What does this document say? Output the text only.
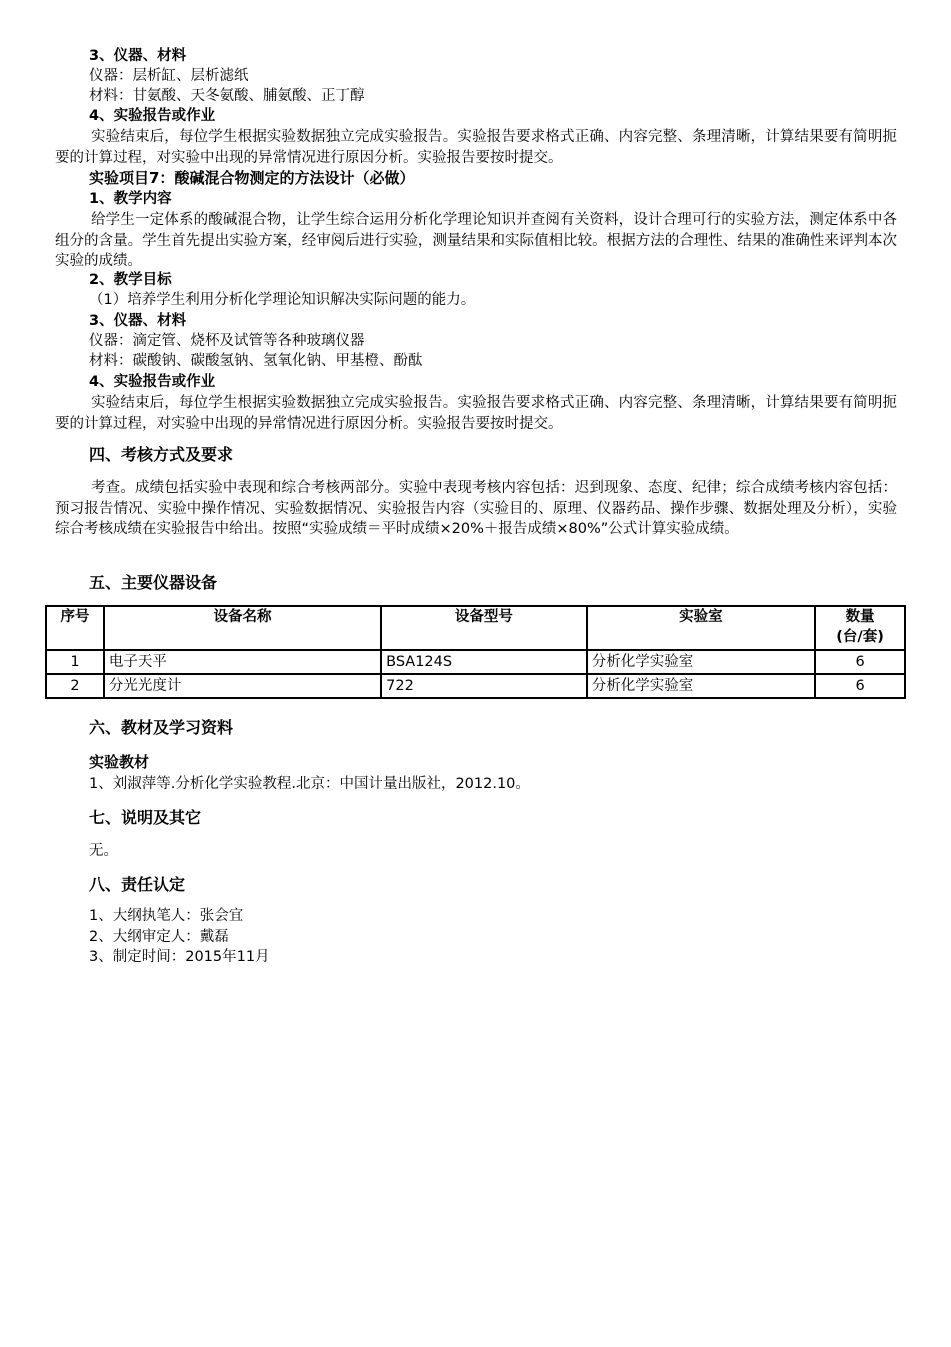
3、仪器、材料
仪器：层析缸、层析滤纸
材料：甘氨酸、天冬氨酸、脯氨酸、正丁醇
4、实验报告或作业
实验结束后，每位学生根据实验数据独立完成实验报告。实验报告要求格式正确、内容完整、条理清晰，计算结果要有简明扼要的计算过程，对实验中出现的异常情况进行原因分析。实验报告要按时提交。
实验项目7：酸碱混合物测定的方法设计（必做）
1、教学内容
给学生一定体系的酸碱混合物，让学生综合运用分析化学理论知识并查阅有关资料，设计合理可行的实验方法，测定体系中各组分的含量。学生首先提出实验方案，经审阅后进行实验，测量结果和实际值相比较。根据方法的合理性、结果的准确性来评判本次实验的成绩。
2、教学目标
（1）培养学生利用分析化学理论知识解决实际问题的能力。
3、仪器、材料
仪器：滴定管、烧杯及试管等各种玻璃仪器
材料：碳酸钠、碳酸氢钠、氢氧化钠、甲基橙、酚酞
4、实验报告或作业
实验结束后，每位学生根据实验数据独立完成实验报告。实验报告要求格式正确、内容完整、条理清晰，计算结果要有简明扼要的计算过程，对实验中出现的异常情况进行原因分析。实验报告要按时提交。
四、考核方式及要求
考查。成绩包括实验中表现和综合考核两部分。实验中表现考核内容包括：迟到现象、态度、纪律；综合成绩考核内容包括：预习报告情况、实验中操作情况、实验数据情况、实验报告内容（实验目的、原理、仪器药品、操作步骤、数据处理及分析），实验综合考核成绩在实验报告中给出。按照“实验成绩＝平时成绩×20%＋报告成绩×80%”公式计算实验成绩。
五、主要仪器设备
序号	设备名称	设备型号	实验室	数量
(台/套)
1	电子天平	BSA124S	分析化学实验室	6
2	分光光度计	722	分析化学实验室	6
六、教材及学习资料
实验教材
1、刘淑萍等.分析化学实验教程.北京：中国计量出版社，2012.10。
七、说明及其它
无。
八、责任认定
1、大纲执笔人：张会宜
2、大纲审定人：戴磊
3、制定时间：2015年11月
